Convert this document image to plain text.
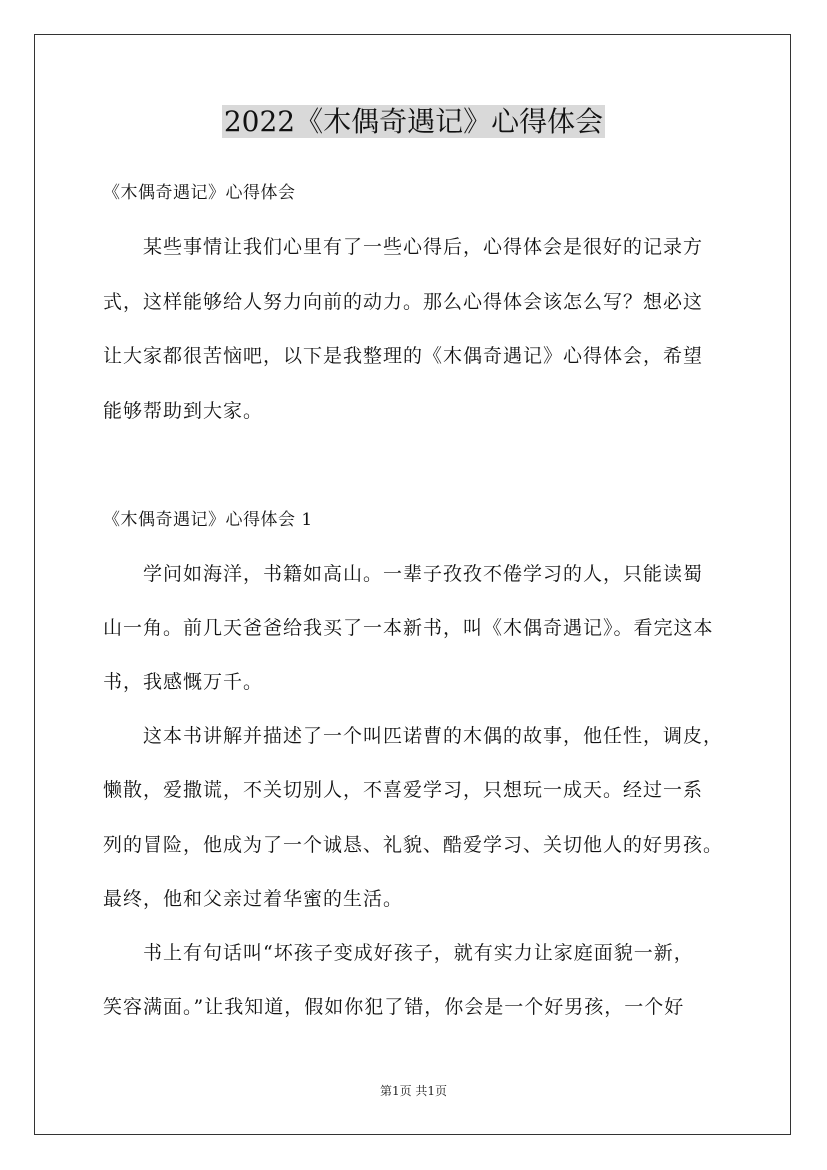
2022《木偶奇遇记》心得体会
《木偶奇遇记》心得体会
某些事情让我们心里有了一些心得后，心得体会是很好的记录方
式，这样能够给人努力向前的动力。那么心得体会该怎么写？想必这
让大家都很苦恼吧，以下是我整理的《木偶奇遇记》心得体会，希望
能够帮助到大家。
《木偶奇遇记》心得体会 1
学问如海洋，书籍如高山。一辈子孜孜不倦学习的人，只能读蜀
山一角。前几天爸爸给我买了一本新书，叫《木偶奇遇记》。看完这本
书，我感慨万千。
这本书讲解并描述了一个叫匹诺曹的木偶的故事，他任性，调皮，
懒散，爱撒谎，不关切别人，不喜爱学习，只想玩一成天。经过一系
列的冒险，他成为了一个诚恳、礼貌、酷爱学习、关切他人的好男孩。
最终，他和父亲过着华蜜的生活。
书上有句话叫“坏孩子变成好孩子，就有实力让家庭面貌一新，
笑容满面。”让我知道，假如你犯了错，你会是一个好男孩，一个好
第1页 共1页
